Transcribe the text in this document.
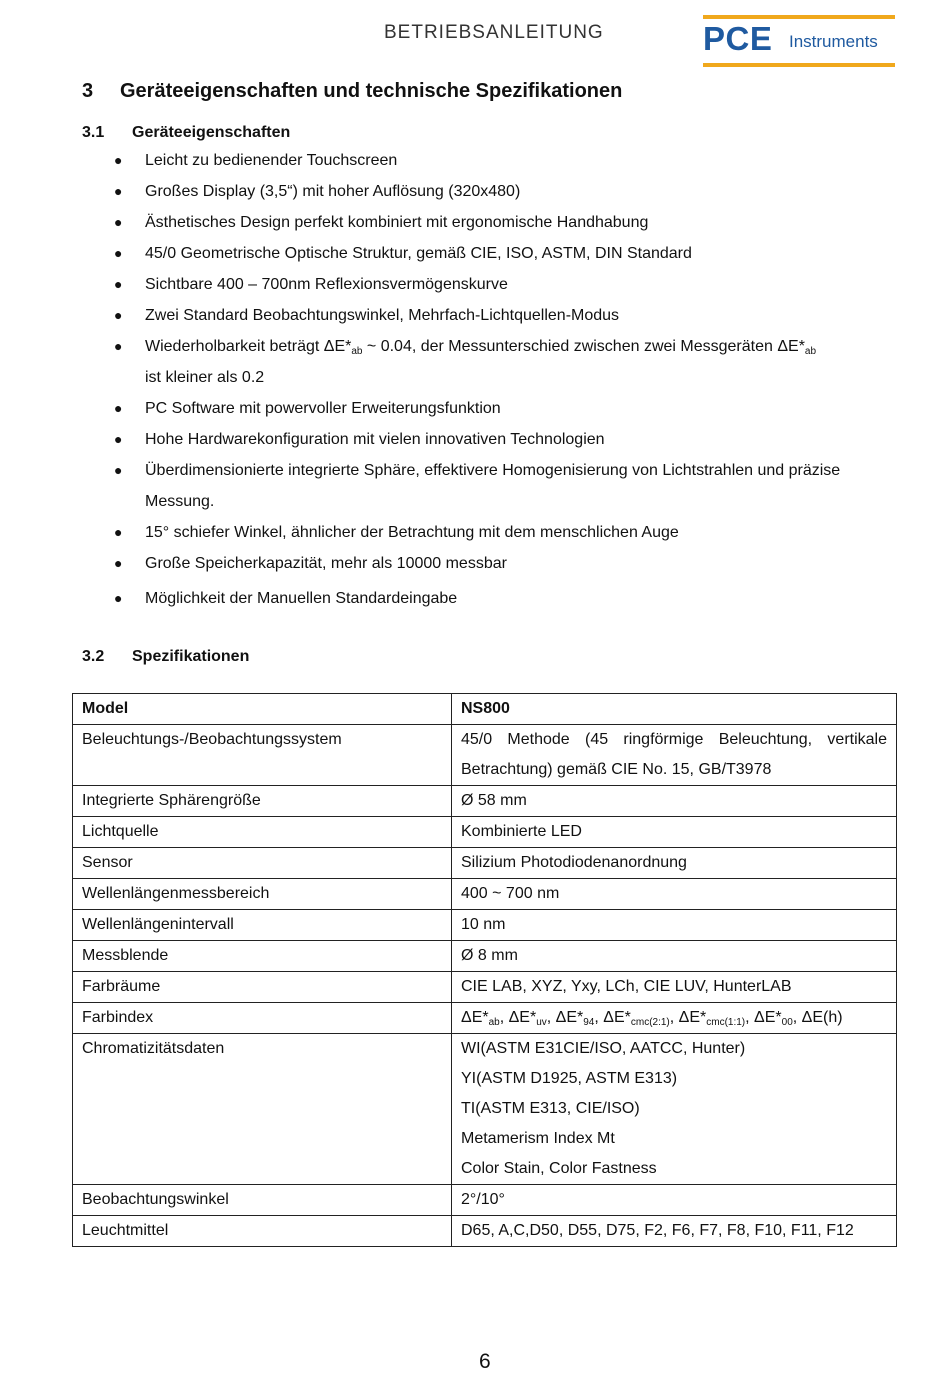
BETRIEBSANLEITUNG	PCE Instruments
3 Geräteeigenschaften und technische Spezifikationen
3.1 Geräteeigenschaften
● Leicht zu bedienender Touchscreen
● Großes Display (3,5“) mit hoher Auflösung (320x480)
● Ästhetisches Design perfekt kombiniert mit ergonomische Handhabung
● 45/0 Geometrische Optische Struktur, gemäß CIE, ISO, ASTM, DIN Standard
● Sichtbare 400 – 700nm Reflexionsvermögenskurve
● Zwei Standard Beobachtungswinkel, Mehrfach-Lichtquellen-Modus
● Wiederholbarkeit beträgt $\Delta E*_{ab}$ ~ 0.04, der Messunterschied zwischen zwei Messgeräten $\Delta E*_{ab}$
ist kleiner als 0.2
● PC Software mit powervoller Erweiterungsfunktion
● Hohe Hardwarekonfiguration mit vielen innovativen Technologien
● Überdimensionierte integrierte Sphäre, effektivere Homogenisierung von Lichtstrahlen und präzise Messung.
● 15° schiefer Winkel, ähnlicher der Betrachtung mit dem menschlichen Auge
● Große Speicherkapazität, mehr als 10000 messbar
● Möglichkeit der Manuellen Standardeingabe
3.2 Spezifikationen
Model	NS800
Beleuchtungs-/Beobachtungssystem	45/0 Methode (45 ringförmige Beleuchtung, vertikale Betrachtung) gemäß CIE No. 15, GB/T3978
Integrierte Sphärengröße	Ø 58 mm
Lichtquelle	Kombinierte LED
Sensor	Silizium Photodiodenanordnung
Wellenlängenmessbereich	400 ~ 700 nm
Wellenlängenintervall	10 nm
Messblende	Ø 8 mm
Farbräume	CIE LAB, XYZ, Yxy, LCh, CIE LUV, HunterLAB
Farbindex	$\Delta E*_{ab}$, $\Delta E*_{uv}$, $\Delta E*_{94}$, $\Delta E*_{cmc(2:1)}$, $\Delta E*_{cmc(1:1)}$, $\Delta E*_{00}$, ΔE(h)
Chromatizitätsdaten	WI(ASTM E31CIE/ISO, AATCC, Hunter)
YI(ASTM D1925, ASTM E313)
TI(ASTM E313, CIE/ISO)
Metamerism Index Mt
Color Stain, Color Fastness

Beobachtungswinkel	2°/10°
Leuchtmittel	D65, A,C,D50, D55, D75, F2, F6, F7, F8, F10, F11, F12
6
